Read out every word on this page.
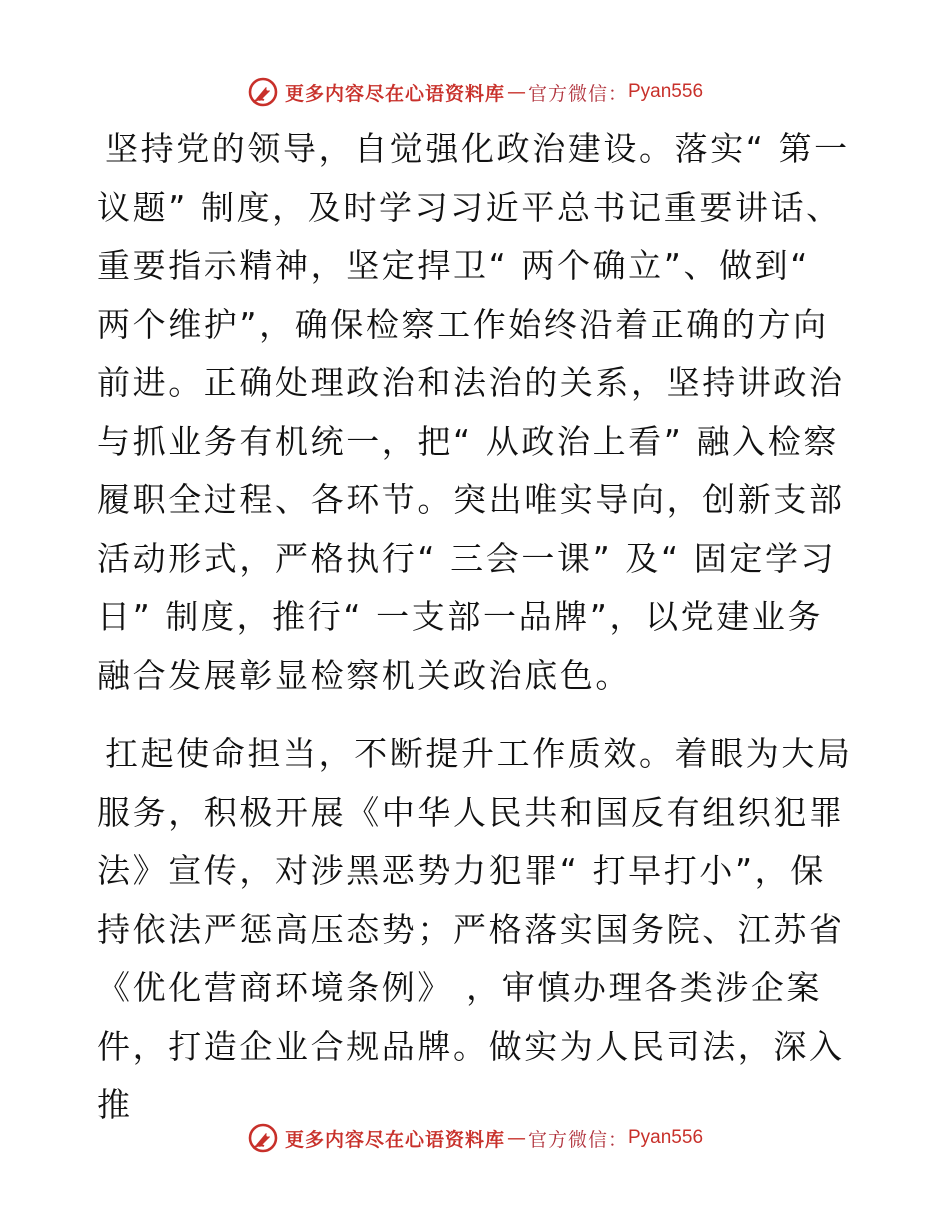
更多内容尽在心语资料库 — 官方微信： Pyan556

坚持党的领导，自觉强化政治建设。落实“ 第一议题” 制度，及时学习习近平总书记重要讲话、重要指示精神，坚定捍卫“ 两个确立”、做到“ 两个维护”，确保检察工作始终沿着正确的方向前进。正确处理政治和法治的关系，坚持讲政治与抓业务有机统一，把“ 从政治上看” 融入检察履职全过程、各环节。突出唯实导向，创新支部活动形式，严格执行“ 三会一课” 及“ 固定学习日” 制度，推行“ 一支部一品牌”，以党建业务融合发展彰显检察机关政治底色。

扛起使命担当，不断提升工作质效。着眼为大局服务，积极开展《中华人民共和国反有组织犯罪法》宣传，对涉黑恶势力犯罪“ 打早打小”，保持依法严惩高压态势；严格落实国务院、江苏省《优化营商环境条例》 ，审慎办理各类涉企案件，打造企业合规品牌。做实为人民司法，深入推

更多内容尽在心语资料库 — 官方微信： Pyan556
